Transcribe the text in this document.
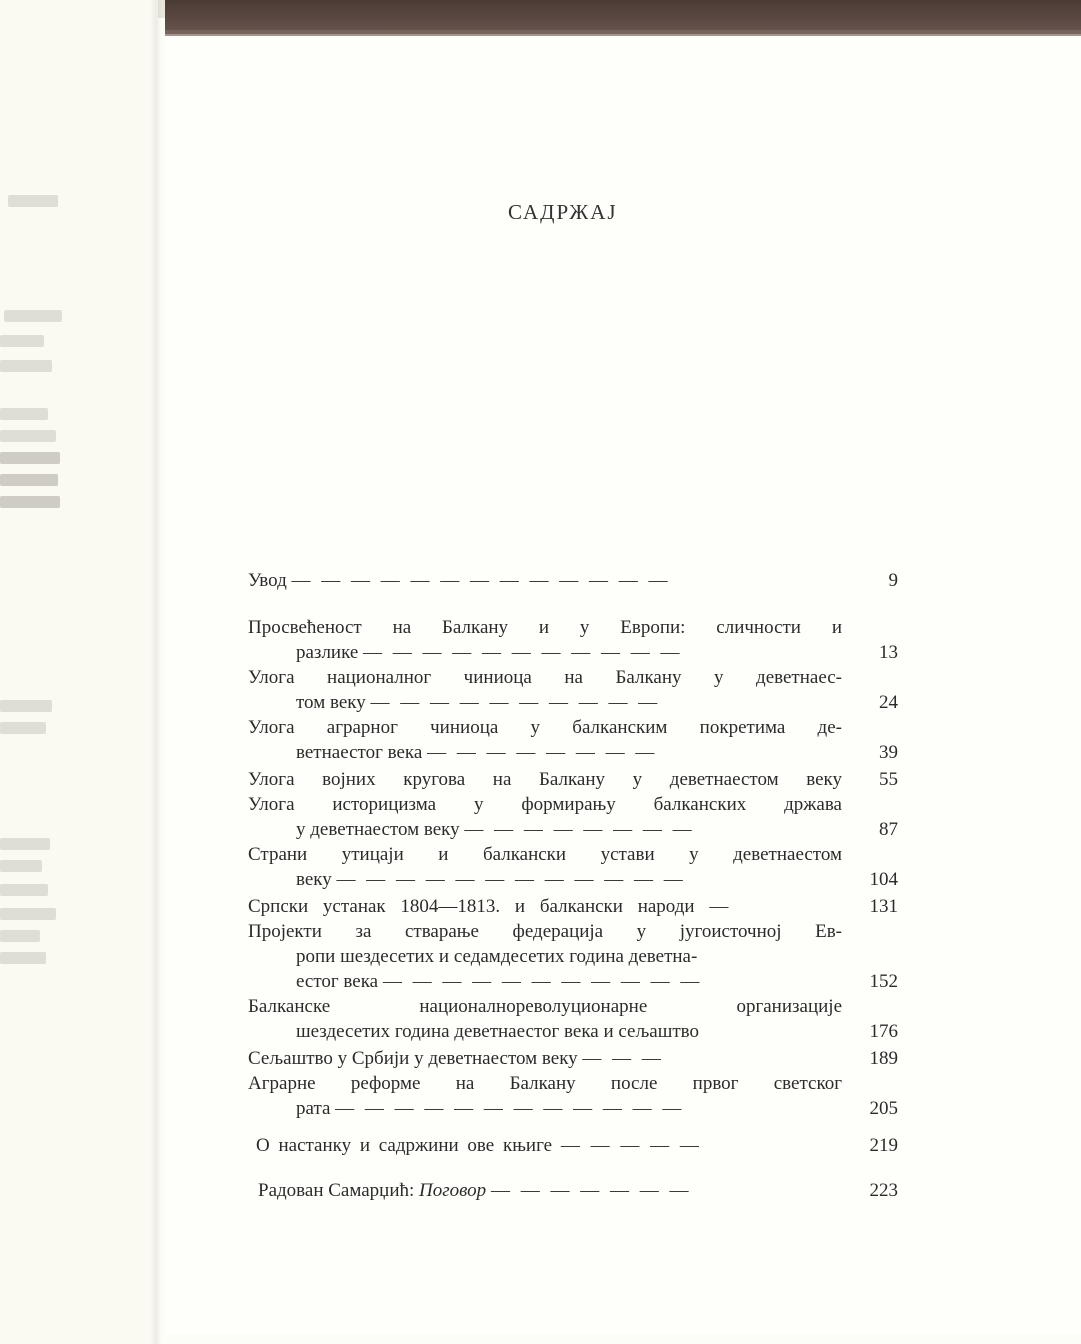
САДРЖАЈ
Увод — — — — — — — — — — — — —	9
Просвећеност на Балкану и у Европи: сличности и
разлике — — — — — — — — — — —	13
Улога националног чиниоца на Балкану у деветнаес-
том веку — — — — — — — — — —	24
Улога аграрног чиниоца у балканским покретима де-
ветнаестог века — — — — — — — —	39
Улога војних кругова на Балкану у деветнаестом веку	55
Улога историцизма у формирању балканских држава
у деветнаестом веку — — — — — — — —	87
Страни утицаји и балкански устави у деветнаестом
веку — — — — — — — — — — — —	104
Српски устанак 1804—1813. и балкански народи —	131
Пројекти за стварање федерација у југоисточној Ев-
ропи шездесетих и седамдесетих година деветна-
естог века — — — — — — — — — — —	152
Балканске националнореволуционарне организације
шездесетих година деветнаестог века и сељаштво	176
Сељаштво у Србији у деветнаестом веку — — —	189
Аграрне реформе на Балкану после првог светског
рата — — — — — — — — — — — —	205
О настанку и садржини ове књиге — — — — —	219
Радован Самарџић: Поговор — — — — — — —	223
